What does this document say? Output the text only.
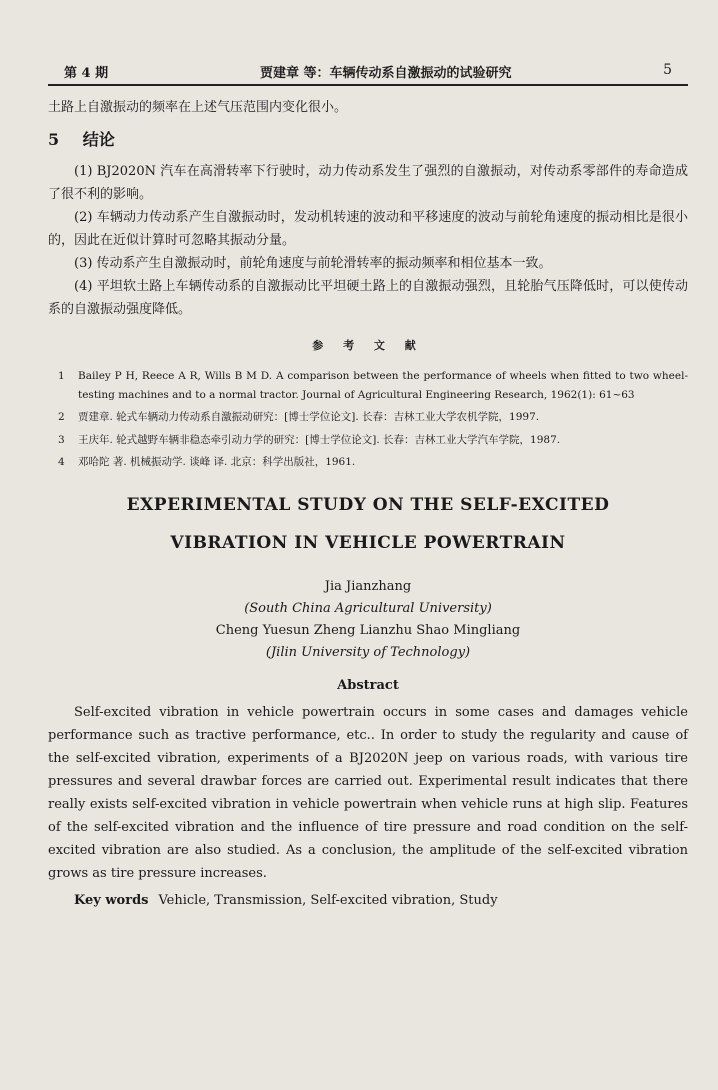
第 4 期	贾建章 等：车辆传动系自激振动的试验研究	5

土路上自激振动的频率在上述气压范围内变化很小。

5 结论

(1) BJ2020N 汽车在高滑转率下行驶时，动力传动系发生了强烈的自激振动，对传动系零部件的寿命造成了很不利的影响。

(2) 车辆动力传动系产生自激振动时，发动机转速的波动和平移速度的波动与前轮角速度的振动相比是很小的，因此在近似计算时可忽略其振动分量。

(3) 传动系产生自激振动时，前轮角速度与前轮滑转率的振动频率和相位基本一致。

(4) 平坦软土路上车辆传动系的自激振动比平坦硬土路上的自激振动强烈，且轮胎气压降低时，可以使传动系的自激振动强度降低。

参 考 文 献
1	Bailey P H, Reece A R, Wills B M D. A comparison between the performance of wheels when fitted to two wheel-testing machines and to a normal tractor. Journal of Agricultural Engineering Research, 1962(1): 61~63
2	贾建章. 轮式车辆动力传动系自激振动研究：[博士学位论文]. 长春：吉林工业大学农机学院，1997.
3	王庆年. 轮式越野车辆非稳态牵引动力学的研究：[博士学位论文]. 长春：吉林工业大学汽车学院，1987.
4	邓哈陀 著. 机械振动学. 谈峰 译. 北京：科学出版社，1961.
EXPERIMENTAL STUDY ON THE SELF-EXCITED
VIBRATION IN VEHICLE POWERTRAIN
Jia Jianzhang
(South China Agricultural University)
Cheng Yuesun Zheng Lianzhu Shao Mingliang
(Jilin University of Technology)
Abstract

Self-excited vibration in vehicle powertrain occurs in some cases and damages vehicle performance such as tractive performance, etc.. In order to study the regularity and cause of the self-excited vibration, experiments of a BJ2020N jeep on various roads, with various tire pressures and several drawbar forces are carried out. Experimental result indicates that there really exists self-excited vibration in vehicle powertrain when vehicle runs at high slip. Features of the self-excited vibration and the influence of tire pressure and road condition on the self-excited vibration are also studied. As a conclusion, the amplitude of the self-excited vibration grows as tire pressure increases.

Key words Vehicle, Transmission, Self-excited vibration, Study
